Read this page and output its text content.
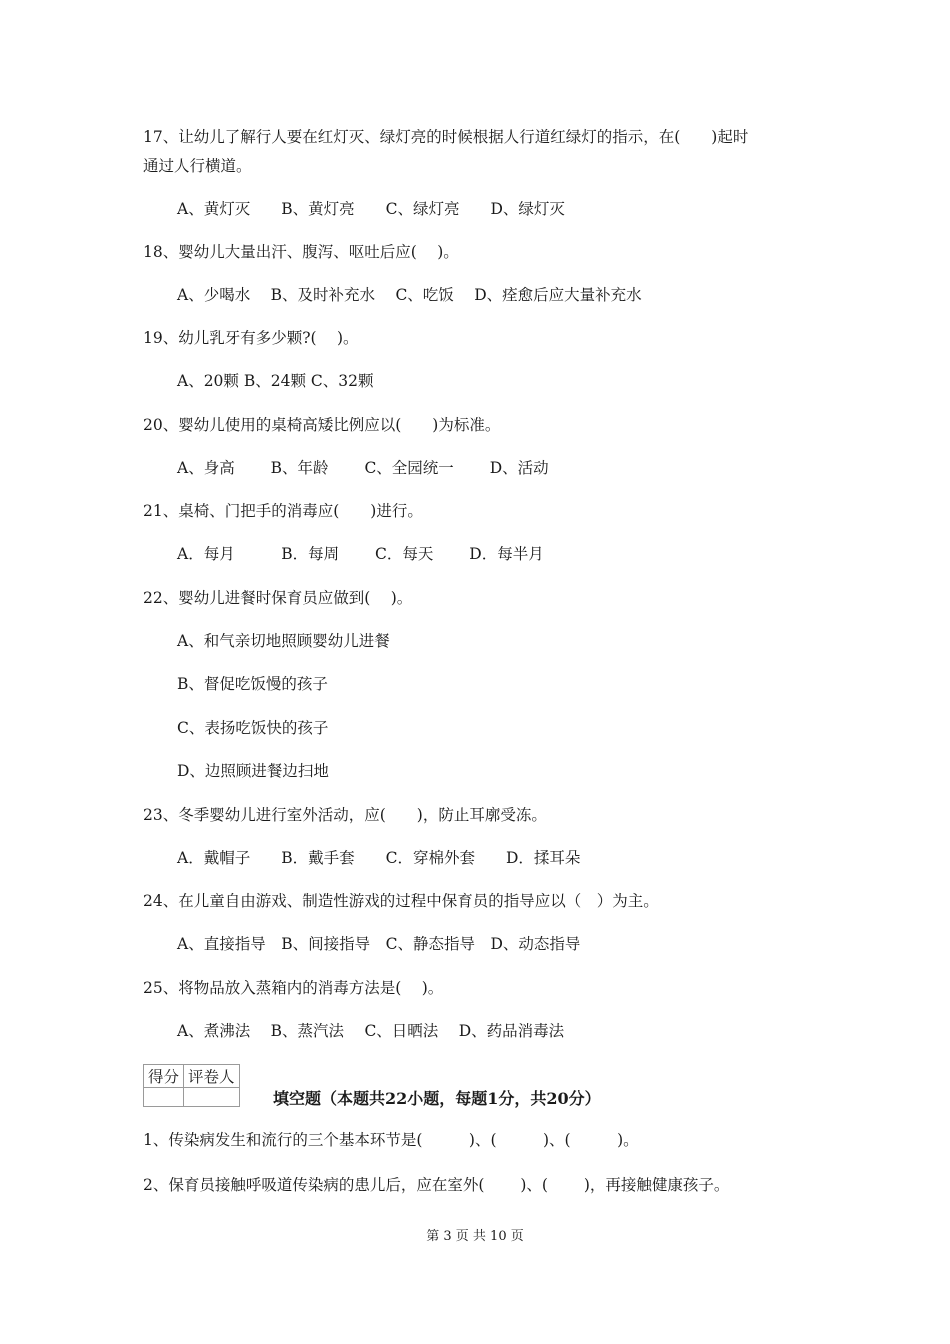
17、让幼儿了解行人要在红灯灭、绿灯亮的时候根据人行道红绿灯的指示，在(　　)起时
通过人行横道。
A、黄灯灭　　B、黄灯亮　　C、绿灯亮　　D、绿灯灭
18、婴幼儿大量出汗、腹泻、呕吐后应(　 )。
A、少喝水　 B、及时补充水　 C、吃饭　 D、痊愈后应大量补充水
19、幼儿乳牙有多少颗?(　 )。
A、20颗 B、24颗 C、32颗
20、婴幼儿使用的桌椅高矮比例应以(　　)为标准。
A、身高　　 B、年龄　　 C、全园统一　　 D、活动
21、桌椅、门把手的消毒应(　　)进行。
A．每月　　　B．每周　　 C．每天　　 D．每半月
22、婴幼儿进餐时保育员应做到(　 )。
A、和气亲切地照顾婴幼儿进餐
B、督促吃饭慢的孩子
C、表扬吃饭快的孩子
D、边照顾进餐边扫地
23、冬季婴幼儿进行室外活动，应(　　)，防止耳廓受冻。
A．戴帽子　　B．戴手套　　C．穿棉外套　　D．揉耳朵
24、在儿童自由游戏、制造性游戏的过程中保育员的指导应以（　）为主。
A、直接指导　B、间接指导　C、静态指导　D、动态指导
25、将物品放入蒸箱内的消毒方法是(　 )。
A、煮沸法　 B、蒸汽法　 C、日晒法　 D、药品消毒法
得分	评卷人

填空题（本题共22小题，每题1分，共20分）
1、传染病发生和流行的三个基本环节是(　　　)、(　　　)、(　　　)。
2、保育员接触呼吸道传染病的患儿后，应在室外(　　 )、(　　 )，再接触健康孩子。
第 3 页 共 10 页
